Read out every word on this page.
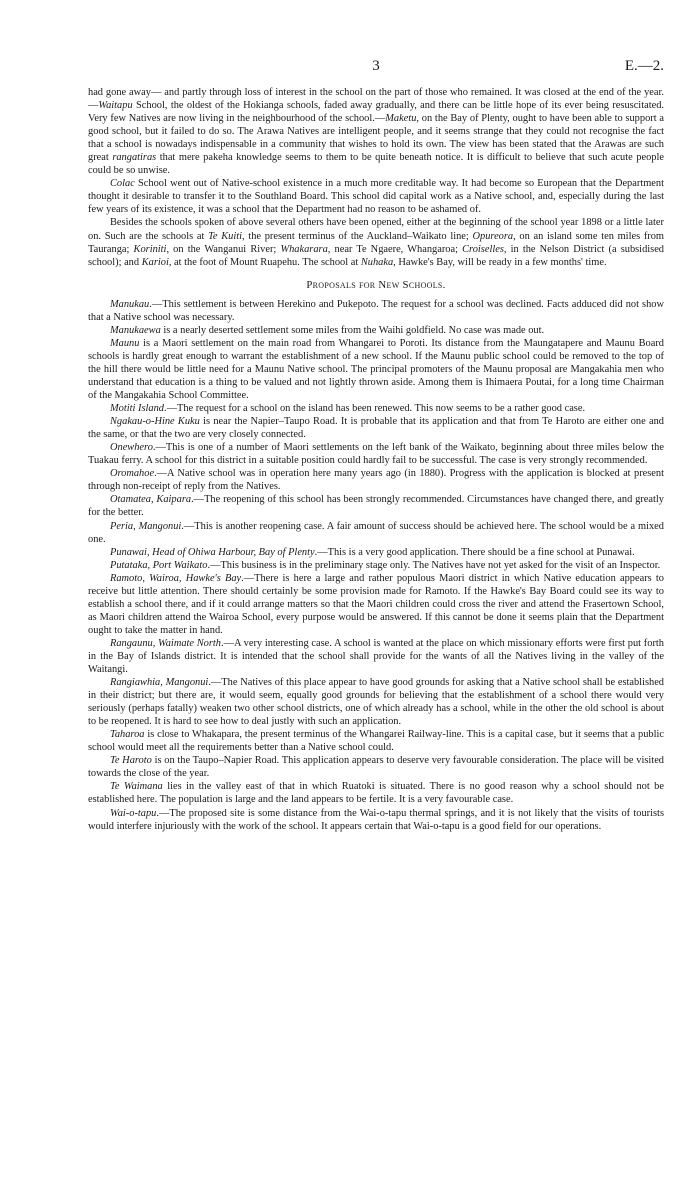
3	E.—2.

had gone away— and partly through loss of interest in the school on the part of those who remained. It was closed at the end of the year.—Waitapu School, the oldest of the Hokianga schools, faded away gradually, and there can be little hope of its ever being resuscitated. Very few Natives are now living in the neighbourhood of the school.—Maketu, on the Bay of Plenty, ought to have been able to support a good school, but it failed to do so. The Arawa Natives are intelligent people, and it seems strange that they could not recognise the fact that a school is nowadays indispensable in a community that wishes to hold its own. The view has been stated that the Arawas are such great rangatiras that mere pakeha knowledge seems to them to be quite beneath notice. It is difficult to believe that such acute people could be so unwise.

Colac School went out of Native-school existence in a much more creditable way. It had become so European that the Department thought it desirable to transfer it to the Southland Board. This school did capital work as a Native school, and, especially during the last few years of its existence, it was a school that the Department had no reason to be ashamed of.

Besides the schools spoken of above several others have been opened, either at the beginning of the school year 1898 or a little later on. Such are the schools at Te Kuiti, the present terminus of the Auckland–Waikato line; Opureora, on an island some ten miles from Tauranga; Koriniti, on the Wanganui River; Whakarara, near Te Ngaere, Whangaroa; Croiselles, in the Nelson District (a subsidised school); and Karioi, at the foot of Mount Ruapehu. The school at Nuhaka, Hawke's Bay, will be ready in a few months' time.

Proposals for New Schools.

Manukau.—This settlement is between Herekino and Pukepoto. The request for a school was declined. Facts adduced did not show that a Native school was necessary.

Manukaewa is a nearly deserted settlement some miles from the Waihi goldfield. No case was made out.

Maunu is a Maori settlement on the main road from Whangarei to Poroti. Its distance from the Maungatapere and Maunu Board schools is hardly great enough to warrant the establishment of a new school. If the Maunu public school could be removed to the top of the hill there would be little need for a Maunu Native school. The principal promoters of the Maunu proposal are Mangakahia men who understand that education is a thing to be valued and not lightly thrown aside. Among them is Ihimaera Poutai, for a long time Chairman of the Mangakahia School Committee.

Motiti Island.—The request for a school on the island has been renewed. This now seems to be a rather good case.

Ngakau-o-Hine Kuku is near the Napier–Taupo Road. It is probable that its application and that from Te Haroto are either one and the same, or that the two are very closely connected.

Onewhero.—This is one of a number of Maori settlements on the left bank of the Waikato, beginning about three miles below the Tuakau ferry. A school for this district in a suitable position could hardly fail to be successful. The case is very strongly recommended.

Oromahoe.—A Native school was in operation here many years ago (in 1880). Progress with the application is blocked at present through non-receipt of reply from the Natives.

Otamatea, Kaipara.—The reopening of this school has been strongly recommended. Circumstances have changed there, and greatly for the better.

Peria, Mangonui.—This is another reopening case. A fair amount of success should be achieved here. The school would be a mixed one.

Punawai, Head of Ohiwa Harbour, Bay of Plenty.—This is a very good application. There should be a fine school at Punawai.

Putataka, Port Waikato.—This business is in the preliminary stage only. The Natives have not yet asked for the visit of an Inspector.

Ramoto, Wairoa, Hawke's Bay.—There is here a large and rather populous Maori district in which Native education appears to receive but little attention. There should certainly be some provision made for Ramoto. If the Hawke's Bay Board could see its way to establish a school there, and if it could arrange matters so that the Maori children could cross the river and attend the Frasertown School, as Maori children attend the Wairoa School, every purpose would be answered. If this cannot be done it seems plain that the Department ought to take the matter in hand.

Rangaunu, Waimate North.—A very interesting case. A school is wanted at the place on which missionary efforts were first put forth in the Bay of Islands district. It is intended that the school shall provide for the wants of all the Natives living in the valley of the Waitangi.

Rangiawhia, Mangonui.—The Natives of this place appear to have good grounds for asking that a Native school shall be established in their district; but there are, it would seem, equally good grounds for believing that the establishment of a school there would very seriously (perhaps fatally) weaken two other school districts, one of which already has a school, while in the other the old school is about to be reopened. It is hard to see how to deal justly with such an application.

Taharoa is close to Whakapara, the present terminus of the Whangarei Railway-line. This is a capital case, but it seems that a public school would meet all the requirements better than a Native school could.

Te Haroto is on the Taupo–Napier Road. This application appears to deserve very favourable consideration. The place will be visited towards the close of the year.

Te Waimana lies in the valley east of that in which Ruatoki is situated. There is no good reason why a school should not be established here. The population is large and the land appears to be fertile. It is a very favourable case.

Wai-o-tapu.—The proposed site is some distance from the Wai-o-tapu thermal springs, and it is not likely that the visits of tourists would interfere injuriously with the work of the school. It appears certain that Wai-o-tapu is a good field for our operations.
